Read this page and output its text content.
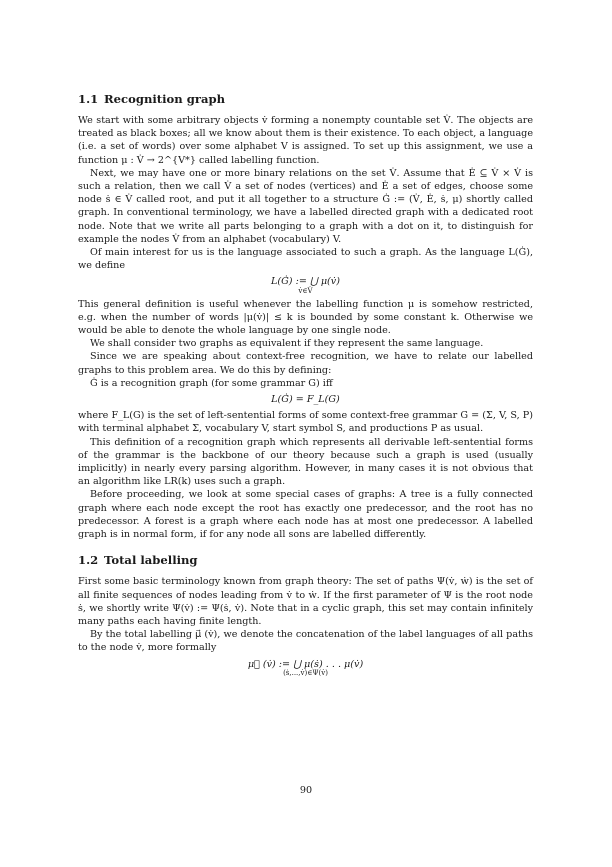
1.1 Recognition graph

We start with some arbitrary objects v̇ forming a nonempty countable set V̇. The objects are treated as black boxes; all we know about them is their existence. To each object, a language (i.e. a set of words) over some alphabet V is assigned. To set up this assignment, we use a function μ : V̇ → 2^{V*} called labelling function.

Next, we may have one or more binary relations on the set V̇. Assume that Ė ⊆ V̇ × V̇ is such a relation, then we call V̇ a set of nodes (vertices) and Ė a set of edges, choose some node ṡ ∈ V̇ called root, and put it all together to a structure Ġ := (V̇, Ė, ṡ, μ) shortly called graph. In conventional terminology, we have a labelled directed graph with a dedicated root node. Note that we write all parts belonging to a graph with a dot on it, to distinguish for example the nodes V̇ from an alphabet (vocabulary) V.

Of main interest for us is the language associated to such a graph. As the language L(Ġ), we define

L(Ġ) := ⋃ μ(v̇)
v̇∈V̇

This general definition is useful whenever the labelling function μ is somehow restricted, e.g. when the number of words |μ(v̇)| ≤ k is bounded by some constant k. Otherwise we would be able to denote the whole language by one single node.

We shall consider two graphs as equivalent if they represent the same language.

Since we are speaking about context-free recognition, we have to relate our labelled graphs to this problem area. We do this by defining:

Ġ is a recognition graph (for some grammar G) iff

L(Ġ) = F_L(G)

where F_L(G) is the set of left-sentential forms of some context-free grammar G = (Σ, V, S, P) with terminal alphabet Σ, vocabulary V, start symbol S, and productions P as usual.

This definition of a recognition graph which represents all derivable left-sentential forms of the grammar is the backbone of our theory because such a graph is used (usually implicitly) in nearly every parsing algorithm. However, in many cases it is not obvious that an algorithm like LR(k) uses such a graph.

Before proceeding, we look at some special cases of graphs: A tree is a fully connected graph where each node except the root has exactly one predecessor, and the root has no predecessor. A forest is a graph where each node has at most one predecessor. A labelled graph is in normal form, if for any node all sons are labelled differently.

1.2 Total labelling

First some basic terminology known from graph theory: The set of paths Ψ(v̇, ẇ) is the set of all finite sequences of nodes leading from v̇ to ẇ. If the first parameter of Ψ is the root node ṡ, we shortly write Ψ(v̇) := Ψ(ṡ, v̇). Note that in a cyclic graph, this set may contain infinitely many paths each having finite length.

By the total labelling μ⃗ (v̇), we denote the concatenation of the label languages of all paths to the node v̇, more formally

μ⃗ (v̇) := ⋃ μ(ṡ) . . . μ(v̇)
(ṡ,...,v̇)∈Ψ(v̇)
90
